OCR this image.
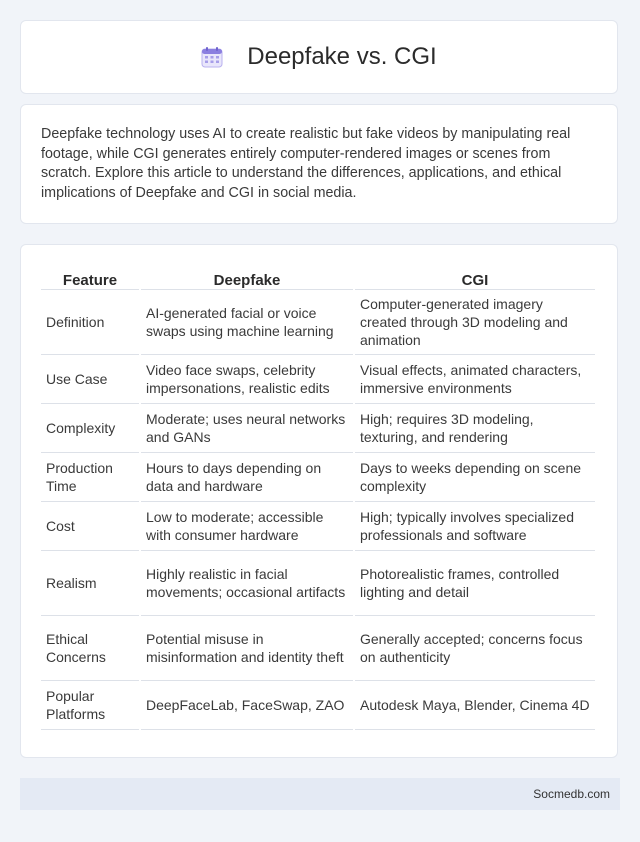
Deepfake vs. CGI

Deepfake technology uses AI to create realistic but fake videos by manipulating real footage, while CGI generates entirely computer-rendered images or scenes from scratch. Explore this article to understand the differences, applications, and ethical implications of Deepfake and CGI in social media.

Feature	Deepfake	CGI
Definition	AI-generated facial or voice swaps using machine learning	Computer-generated imagery created through 3D modeling and animation
Use Case	Video face swaps, celebrity impersonations, realistic edits	Visual effects, animated characters, immersive environments
Complexity	Moderate; uses neural networks and GANs	High; requires 3D modeling, texturing, and rendering
Production Time	Hours to days depending on data and hardware	Days to weeks depending on scene complexity
Cost	Low to moderate; accessible with consumer hardware	High; typically involves specialized professionals and software
Realism	Highly realistic in facial movements; occasional artifacts	Photorealistic frames, controlled lighting and detail
Ethical Concerns	Potential misuse in misinformation and identity theft	Generally accepted; concerns focus on authenticity
Popular Platforms	DeepFaceLab, FaceSwap, ZAO	Autodesk Maya, Blender, Cinema 4D
Socmedb.com
